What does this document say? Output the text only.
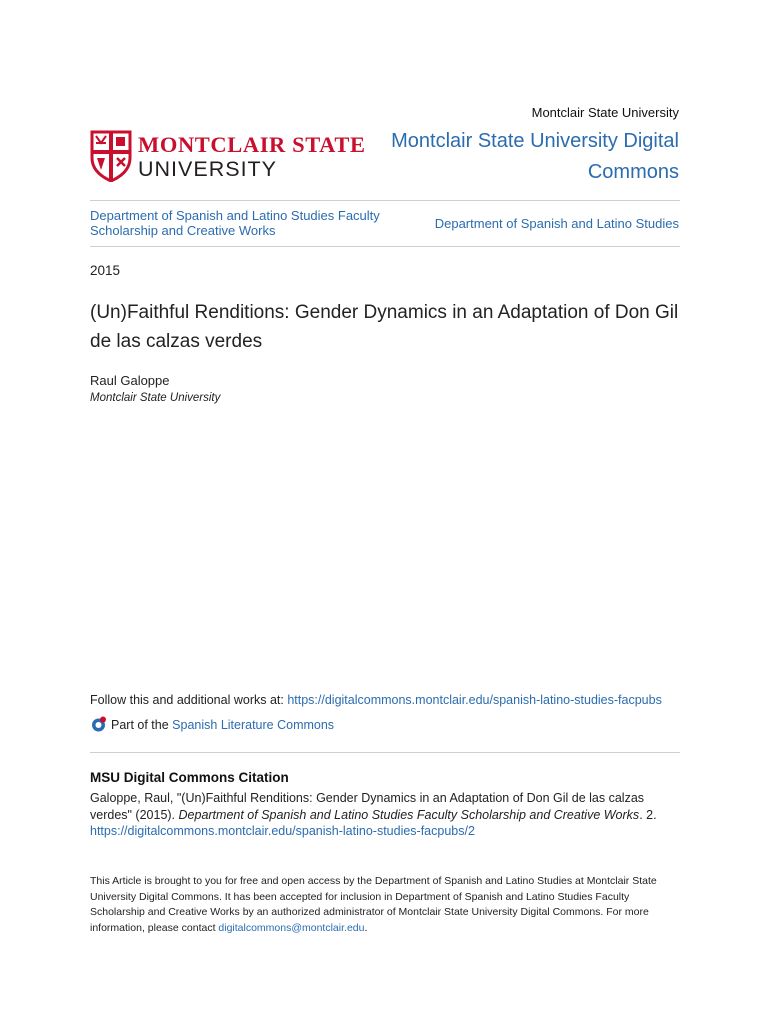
Montclair State University
MONTCLAIR STATE
UNIVERSITY
Montclair State University Digital Commons
Department of Spanish and Latino Studies Faculty Scholarship and Creative Works	Department of Spanish and Latino Studies
2015
(Un)Faithful Renditions: Gender Dynamics in an Adaptation of Don Gil de las calzas verdes
Raul Galoppe
Montclair State University
Follow this and additional works at: https://digitalcommons.montclair.edu/spanish-latino-studies-facpubs
Part of the
Spanish Literature Commons
MSU Digital Commons Citation
Galoppe, Raul, "(Un)Faithful Renditions: Gender Dynamics in an Adaptation of Don Gil de las calzas verdes" (2015). Department of Spanish and Latino Studies Faculty Scholarship and Creative Works. 2.
https://digitalcommons.montclair.edu/spanish-latino-studies-facpubs/2
This Article is brought to you for free and open access by the Department of Spanish and Latino Studies at Montclair State University Digital Commons. It has been accepted for inclusion in Department of Spanish and Latino Studies Faculty Scholarship and Creative Works by an authorized administrator of Montclair State University Digital Commons. For more information, please contact digitalcommons@montclair.edu.
